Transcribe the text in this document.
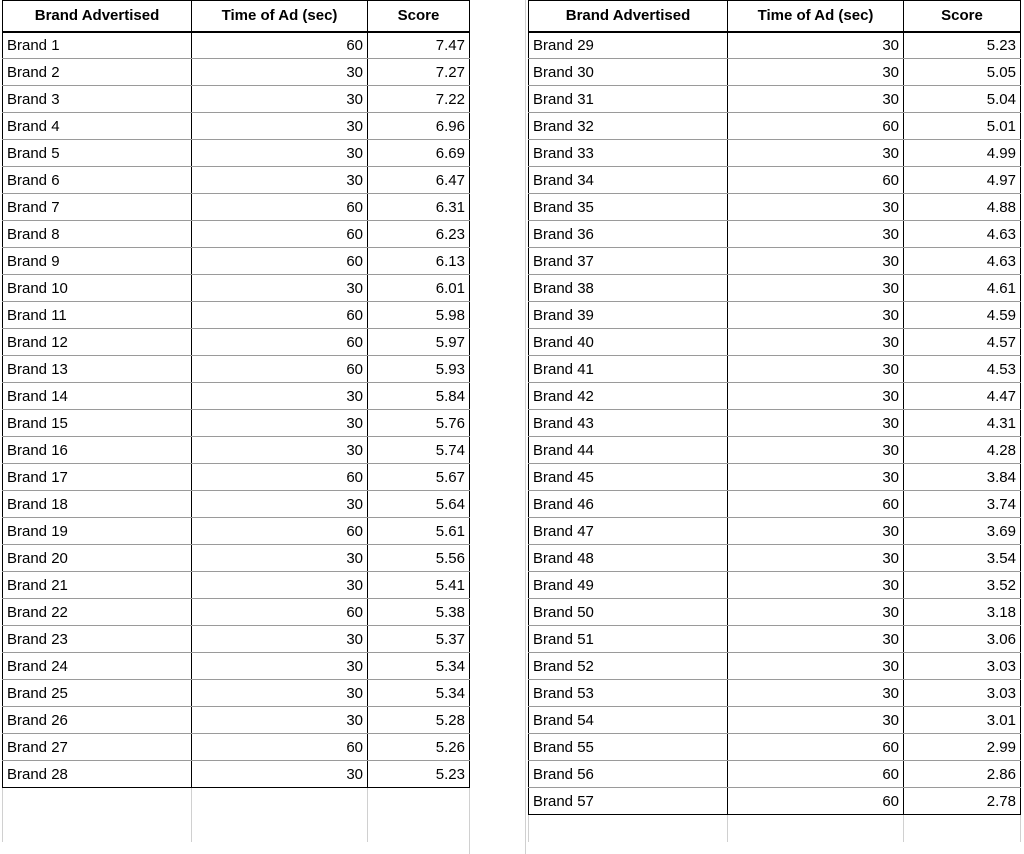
Brand Advertised	Time of Ad (sec)	Score
Brand 1	60	7.47
Brand 2	30	7.27
Brand 3	30	7.22
Brand 4	30	6.96
Brand 5	30	6.69
Brand 6	30	6.47
Brand 7	60	6.31
Brand 8	60	6.23
Brand 9	60	6.13
Brand 10	30	6.01
Brand 11	60	5.98
Brand 12	60	5.97
Brand 13	60	5.93
Brand 14	30	5.84
Brand 15	30	5.76
Brand 16	30	5.74
Brand 17	60	5.67
Brand 18	30	5.64
Brand 19	60	5.61
Brand 20	30	5.56
Brand 21	30	5.41
Brand 22	60	5.38
Brand 23	30	5.37
Brand 24	30	5.34
Brand 25	30	5.34
Brand 26	30	5.28
Brand 27	60	5.26
Brand 28	30	5.23

Brand Advertised	Time of Ad (sec)	Score
Brand 29	30	5.23
Brand 30	30	5.05
Brand 31	30	5.04
Brand 32	60	5.01
Brand 33	30	4.99
Brand 34	60	4.97
Brand 35	30	4.88
Brand 36	30	4.63
Brand 37	30	4.63
Brand 38	30	4.61
Brand 39	30	4.59
Brand 40	30	4.57
Brand 41	30	4.53
Brand 42	30	4.47
Brand 43	30	4.31
Brand 44	30	4.28
Brand 45	30	3.84
Brand 46	60	3.74
Brand 47	30	3.69
Brand 48	30	3.54
Brand 49	30	3.52
Brand 50	30	3.18
Brand 51	30	3.06
Brand 52	30	3.03
Brand 53	30	3.03
Brand 54	30	3.01
Brand 55	60	2.99
Brand 56	60	2.86
Brand 57	60	2.78
